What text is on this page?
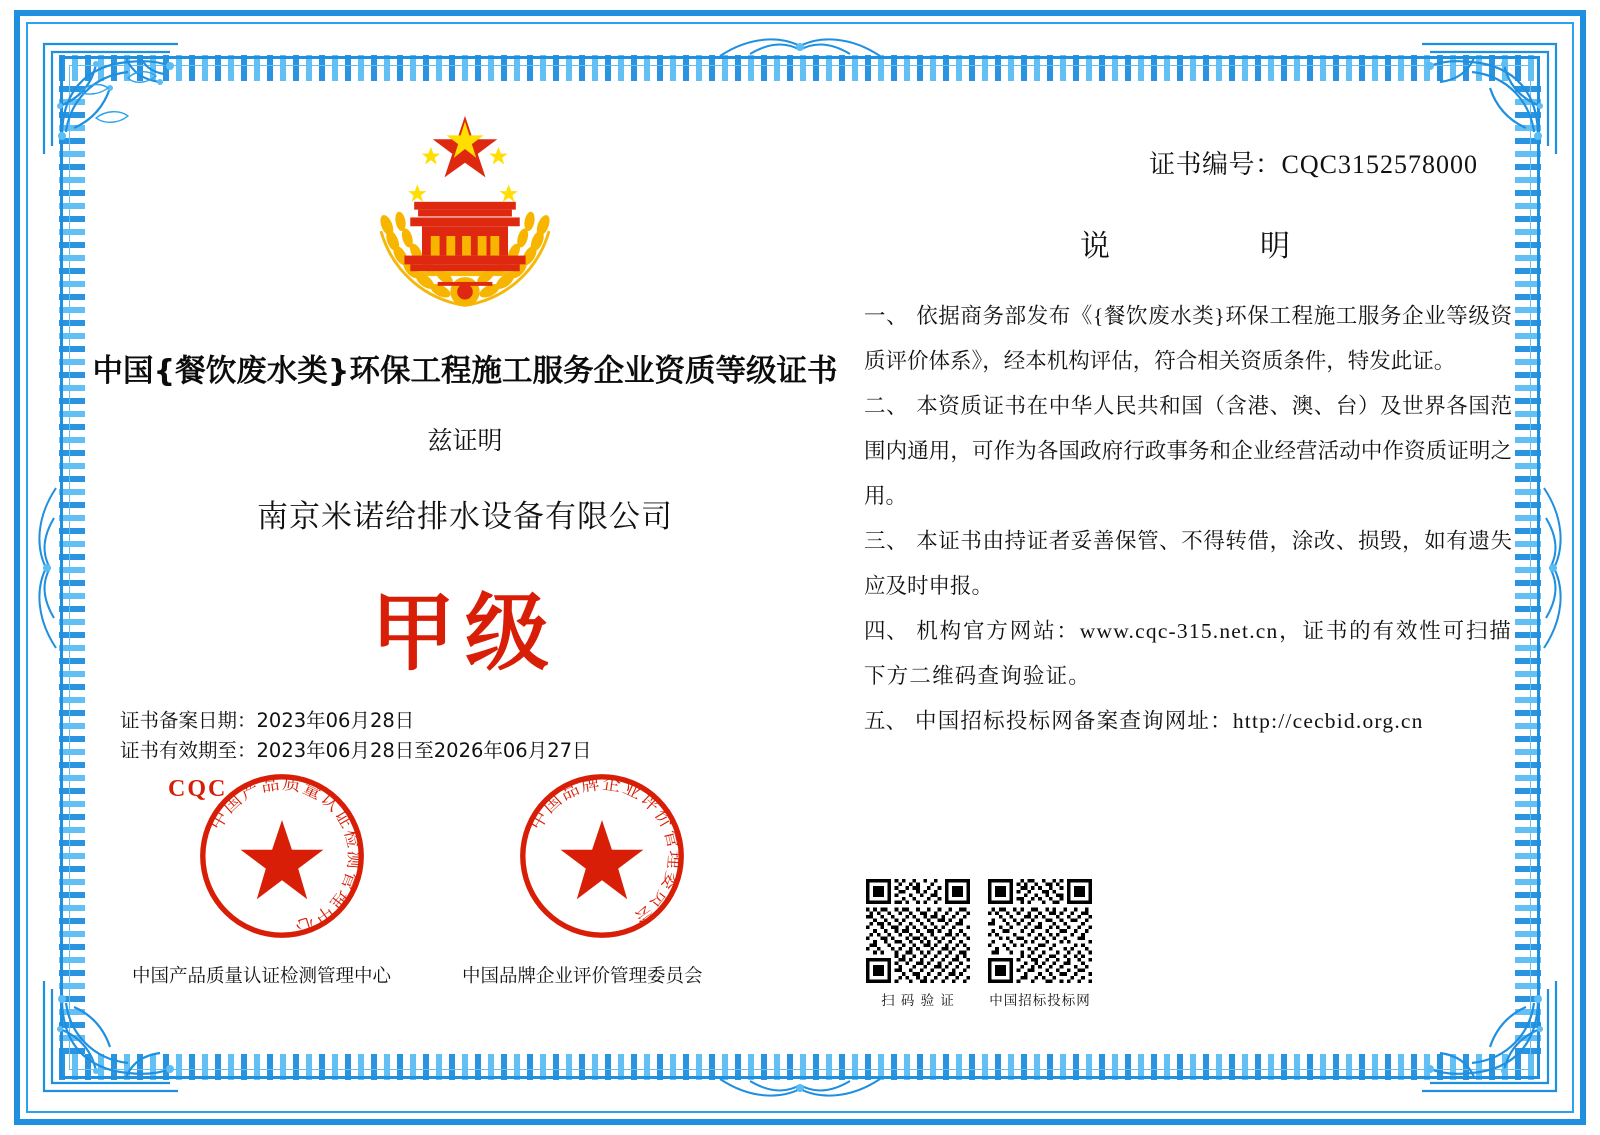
中国{餐饮废水类}环保工程施工服务企业资质等级证书
兹证明
南京米诺给排水设备有限公司
甲级
证书备案日期：2023年06月28日
证书有效期至：2023年06月28日至2026年06月27日
CQC
中国产品质量认证检测管理中心
中国品牌企业评价管理委员会
中国产品质量认证检测管理中心	中国品牌企业评价管理委员会
证书编号：CQC3152578000
说	明

一、 依据商务部发布《{餐饮废水类}环保工程施工服务企业等级资质评价体系》，经本机构评估，符合相关资质条件，特发此证。

二、 本资质证书在中华人民共和国（含港、澳、台）及世界各国范围内通用，可作为各国政府行政事务和企业经营活动中作资质证明之用。

三、 本证书由持证者妥善保管、不得转借，涂改、损毁，如有遗失应及时申报。

四、 机构官方网站：www.cqc-315.net.cn，证书的有效性可扫描下方二维码查询验证。

五、 中国招标投标网备案查询网址：http://cecbid.org.cn

扫 码 验 证	中国招标投标网
